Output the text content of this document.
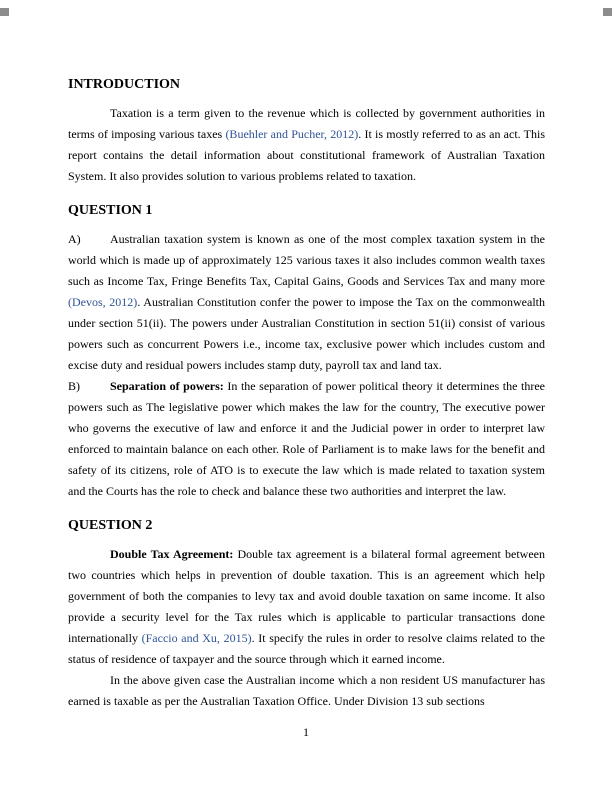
INTRODUCTION

Taxation is a term given to the revenue which is collected by government authorities in terms of imposing various taxes (Buehler and Pucher, 2012). It is mostly referred to as an act. This report contains the detail information about constitutional framework of Australian Taxation System. It also provides solution to various problems related to taxation.

QUESTION 1

A) Australian taxation system is known as one of the most complex taxation system in the world which is made up of approximately 125 various taxes it also includes common wealth taxes such as Income Tax, Fringe Benefits Tax, Capital Gains, Goods and Services Tax and many more (Devos, 2012). Australian Constitution confer the power to impose the Tax on the commonwealth under section 51(ii). The powers under Australian Constitution in section 51(ii) consist of various powers such as concurrent Powers i.e., income tax, exclusive power which includes custom and excise duty and residual powers includes stamp duty, payroll tax and land tax.

B)	Separation of powers: In the separation of power political theory it determines the three powers such as The legislative power which makes the law for the country, The executive power who governs the executive of law and enforce it and the Judicial power in order to interpret law enforced to maintain balance on each other. Role of Parliament is to make laws for the benefit and safety of its citizens, role of ATO is to execute the law which is made related to taxation system and the Courts has the role to check and balance these two authorities and interpret the law.

QUESTION 2

Double Tax Agreement: Double tax agreement is a bilateral formal agreement between two countries which helps in prevention of double taxation. This is an agreement which help government of both the companies to levy tax and avoid double taxation on same income. It also provide a security level for the Tax rules which is applicable to particular transactions done internationally (Faccio and Xu, 2015). It specify the rules in order to resolve claims related to the status of residence of taxpayer and the source through which it earned income.

In the above given case the Australian income which a non resident US manufacturer has earned is taxable as per the Australian Taxation Office. Under Division 13 sub sections

1
